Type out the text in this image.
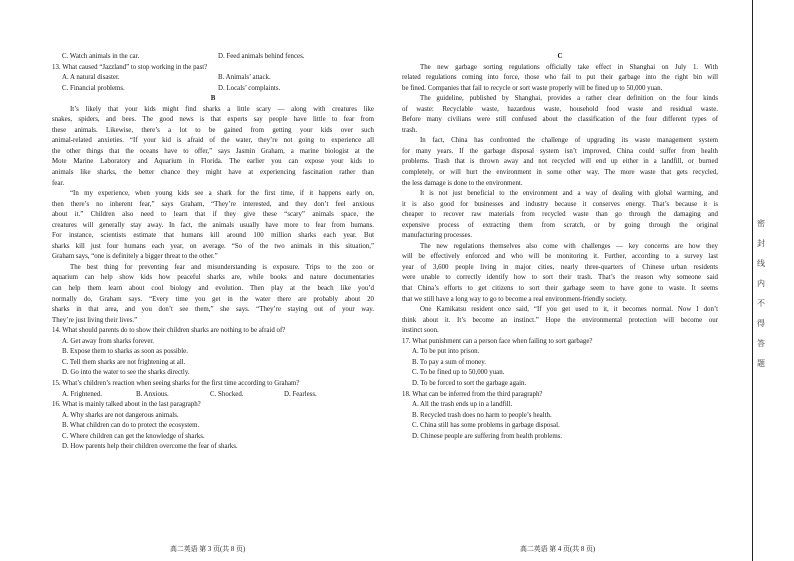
C. Watch animals in the car.	D. Feed animals behind fences.
13. What caused “Jazzland” to stop working in the past?
A. A natural disaster.	B. Animals’ attack.
C. Financial problems.	D. Locals’ complaints.
B
It’s likely that your kids might find sharks a little scary — along with creatures like
snakes, spiders, and bees. The good news is that experts say people have little to fear from
these animals. Likewise, there’s a lot to be gained from getting your kids over such
animal-related anxieties. “If your kid is afraid of the water, they’re not going to experience all
the other things that the oceans have to offer,” says Jasmin Graham, a marine biologist at the
Mote Marine Laboratory and Aquarium in Florida. The earlier you can expose your kids to
animals like sharks, the better chance they might have at experiencing fascination rather than
fear.
“In my experience, when young kids see a shark for the first time, if it happens early on,
then there’s no inherent fear,” says Graham, “They’re interested, and they don’t feel anxious
about it.” Children also need to learn that if they give these “scary” animals space, the
creatures will generally stay away. In fact, the animals usually have more to fear from humans.
For instance, scientists estimate that humans kill around 100 million sharks each year. But
sharks kill just four humans each year, on average. “So of the two animals in this situation,”
Graham says, “one is definitely a bigger threat to the other.”
The best thing for preventing fear and misunderstanding is exposure. Trips to the zoo or
aquarium can help show kids how peaceful sharks are, while books and nature documentaries
can help them learn about cool biology and evolution. Then play at the beach like you’d
normally do, Graham says. “Every time you get in the water there are probably about 20
sharks in that area, and you don’t see them,” she says. “They’re staying out of your way.
They’re just living their lives.”
14. What should parents do to show their children sharks are nothing to be afraid of?
A. Get away from sharks forever.
B. Expose them to sharks as soon as possible.
C. Tell them sharks are not frightening at all.
D. Go into the water to see the sharks directly.
15. What’s children’s reaction when seeing sharks for the first time according to Graham?
A. Frightened.	B. Anxious.	C. Shocked.	D. Fearless.
16. What is mainly talked about in the last paragraph?
A. Why sharks are not dangerous animals.
B. What children can do to protect the ecosystem.
C. Where children can get the knowledge of sharks.
D. How parents help their children overcome the fear of sharks.
C
The new garbage sorting regulations officially take effect in Shanghai on July 1. With
related regulations coming into force, those who fail to put their garbage into the right bin will
be fined. Companies that fail to recycle or sort waste properly will be fined up to 50,000 yuan.
The guideline, published by Shanghai, provides a rather clear definition on the four kinds
of waste: Recyclable waste, hazardous waste, household food waste and residual waste.
Before many civilians were still confused about the classification of the four different types of
trash.
In fact, China has confronted the challenge of upgrading its waste management system
for many years. If the garbage disposal system isn’t improved, China could suffer from health
problems. Trash that is thrown away and not recycled will end up either in a landfill, or burned
completely, or will hurt the environment in some other way. The more waste that gets recycled,
the less damage is done to the environment.
It is not just beneficial to the environment and a way of dealing with global warming, and
it is also good for businesses and industry because it conserves energy. That’s because it is
cheaper to recover raw materials from recycled waste than go through the damaging and
expensive process of extracting them from scratch, or by going through the original
manufacturing processes.
The new regulations themselves also come with challenges — key concerns are how they
will be effectively enforced and who will be monitoring it. Further, according to a survey last
year of 3,600 people living in major cities, nearly three-quarters of Chinese urban residents
were unable to correctly identify how to sort their trash. That’s the reason why someone said
that China’s efforts to get citizens to sort their garbage seem to have gone to waste. It seems
that we still have a long way to go to become a real environment-friendly society.
One Kamikatsu resident once said, “If you get used to it, it becomes normal. Now I don’t
think about it. It’s become an instinct.” Hope the environmental protection will become our
instinct soon.
17. What punishment can a person face when failing to sort garbage?
A. To be put into prison.
B. To pay a sum of money.
C. To be fined up to 50,000 yuan.
D. To be forced to sort the garbage again.
18. What can be inferred from the third paragraph?
A. All the trash ends up in a landfill.
B. Recycled trash does no harm to people’s health.
C. China still has some problems in garbage disposal.
D. Chinese people are suffering from health problems.
高二英语 第 3 页(共 8 页)	高二英语 第 4 页(共 8 页)
密
封
线
内
不
得
答
题
